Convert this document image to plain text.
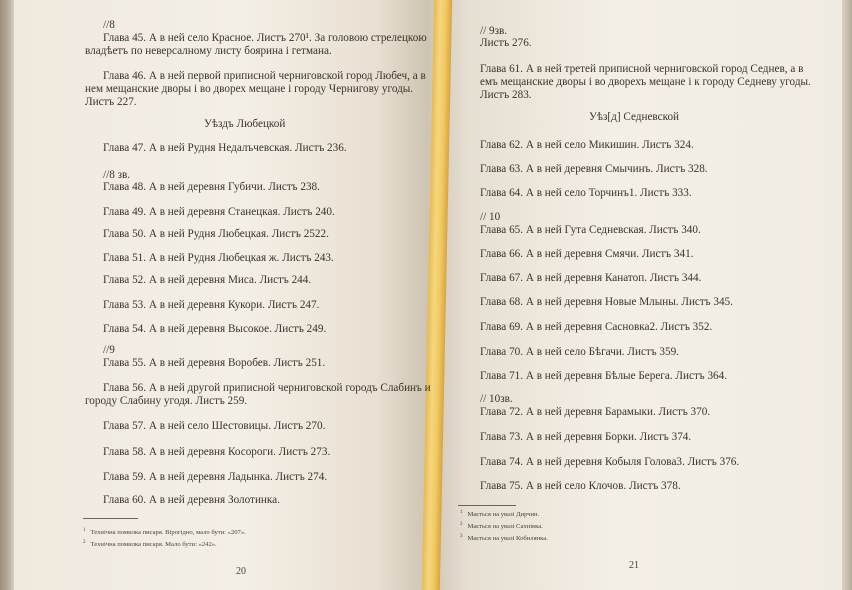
//8
Глава 45. А в ней село Красное. Листъ 270¹. За головою стрелецкою
владѣетъ по неверсалному листу боярина і гетмана.
Глава 46. А в ней первой приписной черниговской город Любеч, а в
нем мещанские дворы і во дворех мещане і городу Чернигову угоды.
Листъ 227.
Глава 47. А в ней Рудня Недалъчевская. Листъ 236.
//8 зв.
Глава 48. А в ней деревня Губичи. Листъ 238.
Глава 49. А в ней деревня Станецкая. Листъ 240.
Глава 50. А в ней Рудня Любецкая. Листъ 2522.
Глава 51. А в ней Рудня Любецкая ж. Листъ 243.
Глава 52. А в ней деревня Миса. Листъ 244.
Глава 53. А в ней деревня Кукори. Листъ 247.
Глава 54. А в ней деревня Высокое. Листъ 249.
//9
Глава 55. А в ней деревня Воробев. Листъ 251.
Глава 56. А в ней другой приписной черниговской городъ Слабинъ и
городу Слабину угодя. Листъ 259.
Глава 57. А в ней село Шестовицы. Листъ 270.
Глава 58. А в ней деревня Косороги. Листъ 273.
Глава 59. А в ней деревня Ладынка. Листъ 274.
Глава 60. А в ней деревня Золотинка.
Уѣздъ Любецкой
$^1$ Технічна помилка писаря. Вірогідно, мало бути: «207».
$^2$ Технічна помилка писаря. Мало бути: «242».
// 9зв.
Листъ 276.
Глава 61. А в ней третей приписной черниговской город Седнев, а в
емъ мещанские дворы і во дворехъ мещане і к городу Седневу угоды.
Листъ 283.
Глава 62. А в ней село Микишин. Листъ 324.
Глава 63. А в ней деревня Смычинъ. Листъ 328.
Глава 64. А в ней село Торчинъ1. Листъ 333.
// 10
Глава 65. А в ней Гута Седневская. Листъ 340.
Глава 66. А в ней деревня Смячи. Листъ 341.
Глава 67. А в ней деревня Канатоп. Листъ 344.
Глава 68. А в ней деревня Новые Млыны. Листъ 345.
Глава 69. А в ней деревня Сасновка2. Листъ 352.
Глава 70. А в ней село Бѣгачи. Листъ 359.
Глава 71. А в ней деревня Бѣлые Берега. Листъ 364.
// 10зв.
Глава 72. А в ней деревня Барамыки. Листъ 370.
Глава 73. А в ней деревня Борки. Листъ 374.
Глава 74. А в ней деревня Кобыля Голова3. Листъ 376.
Глава 75. А в ней село Клочов. Листъ 378.
Уѣз[д] Седневской
$^1$ Мається на увазі Дирчин.
$^2$ Мається на увазі Сахнівка.
$^3$ Мається на увазі Кобилянка.
20
21
